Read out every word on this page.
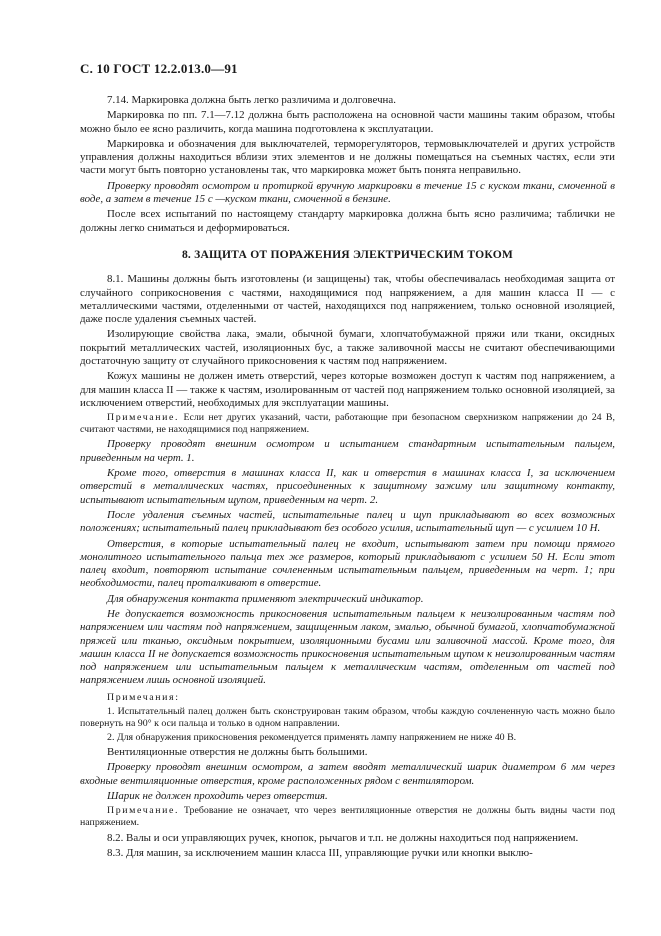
С. 10 ГОСТ 12.2.013.0—91

7.14. Маркировка должна быть легко различима и долговечна.

Маркировка по пп. 7.1—7.12 должна быть расположена на основной части машины таким образом, чтобы можно было ее ясно различить, когда машина подготовлена к эксплуатации.

Маркировка и обозначения для выключателей, терморегуляторов, термовыключателей и других устройств управления должны находиться вблизи этих элементов и не должны помещаться на съемных частях, если эти части могут быть повторно установлены так, что маркировка может быть понята неправильно.

Проверку проводят осмотром и протиркой вручную маркировки в течение 15 с куском ткани, смоченной в воде, а затем в течение 15 с —куском ткани, смоченной в бензине.

После всех испытаний по настоящему стандарту маркировка должна быть ясно различима; таблички не должны легко сниматься и деформироваться.

8. ЗАЩИТА ОТ ПОРАЖЕНИЯ ЭЛЕКТРИЧЕСКИМ ТОКОМ

8.1. Машины должны быть изготовлены (и защищены) так, чтобы обеспечивалась необходимая защита от случайного соприкосновения с частями, находящимися под напряжением, а для машин класса II — с металлическими частями, отделенными от частей, находящихся под напряжением, только основной изоляцией, даже после удаления съемных частей.

Изолирующие свойства лака, эмали, обычной бумаги, хлопчатобумажной пряжи или ткани, оксидных покрытий металлических частей, изоляционных бус, а также заливочной массы не считают обеспечивающими достаточную защиту от случайного прикосновения к частям под напряжением.

Кожух машины не должен иметь отверстий, через которые возможен доступ к частям под напряжением, а для машин класса II — также к частям, изолированным от частей под напряжением только основной изоляцией, за исключением отверстий, необходимых для эксплуатации машины.

Примечание. Если нет других указаний, части, работающие при безопасном сверхнизком напряжении до 24 В, считают частями, не находящимися под напряжением.

Проверку проводят внешним осмотром и испытанием стандартным испытательным пальцем, приведенным на черт. 1.

Кроме того, отверстия в машинах класса II, как и отверстия в машинах класса I, за исключением отверстий в металлических частях, присоединенных к защитному зажиму или защитному контакту, испытывают испытательным щупом, приведенным на черт. 2.

После удаления съемных частей, испытательные палец и щуп прикладывают во всех возможных положениях; испытательный палец прикладывают без особого усилия, испытательный щуп — с усилием 10 Н.

Отверстия, в которые испытательный палец не входит, испытывают затем при помощи прямого монолитного испытательного пальца тех же размеров, который прикладывают с усилием 50 Н. Если этот палец входит, повторяют испытание сочлененным испытательным пальцем, приведенным на черт. 1; при необходимости, палец проталкивают в отверстие.

Для обнаружения контакта применяют электрический индикатор.

Не допускается возможность прикосновения испытательным пальцем к неизолированным частям под напряжением или частям под напряжением, защищенным лаком, эмалью, обычной бумагой, хлопчатобумажной пряжей или тканью, оксидным покрытием, изоляционными бусами или заливочной массой. Кроме того, для машин класса II не допускается возможность прикосновения испытательным щупом к неизолированным частям под напряжением или испытательным пальцем к металлическим частям, отделенным от частей под напряжением лишь основной изоляцией.

Примечания:

1. Испытательный палец должен быть сконструирован таким образом, чтобы каждую сочлененную часть можно было повернуть на 90° к оси пальца и только в одном направлении.

2. Для обнаружения прикосновения рекомендуется применять лампу напряжением не ниже 40 В.

Вентиляционные отверстия не должны быть большими.

Проверку проводят внешним осмотром, а затем вводят металлический шарик диаметром 6 мм через входные вентиляционные отверстия, кроме расположенных рядом с вентилятором.

Шарик не должен проходить через отверстия.

Примечание. Требование не означает, что через вентиляционные отверстия не должны быть видны части под напряжением.

8.2. Валы и оси управляющих ручек, кнопок, рычагов и т.п. не должны находиться под напряжением.

8.3. Для машин, за исключением машин класса III, управляющие ручки или кнопки выклю-
